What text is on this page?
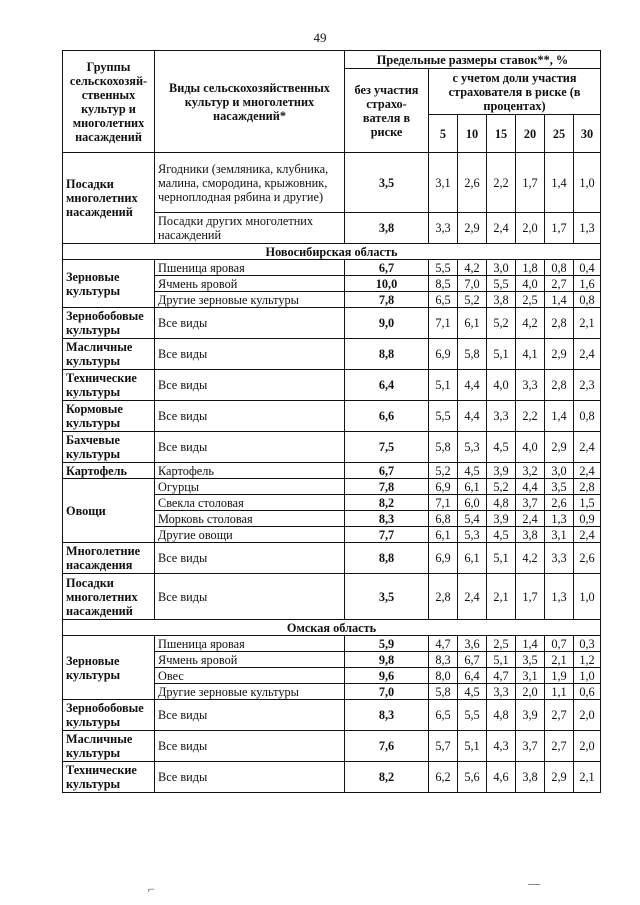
49
Группы сельскохозяй-ственных культур и многолетних насаждений	Виды сельскохозяйственных культур и многолетних насаждений*	Предельные размеры ставок**, %						
		без участия страхо-вателя в риске	с учетом доли участия страхователя в риске (в процентах)					
			5	10	15	20	25	30
Посадки многолетних насаждений	Ягодники (земляника, клубника, малина, смородина, крыжовник, черноплодная рябина и другие)	3,5	3,1	2,6	2,2	1,7	1,4	1,0
	Посадки других многолетних насаждений	3,8	3,3	2,9	2,4	2,0	1,7	1,3
Новосибирская область								
Зерновые культуры	Пшеница яровая	6,7	5,5	4,2	3,0	1,8	0,8	0,4
	Ячмень яровой	10,0	8,5	7,0	5,5	4,0	2,7	1,6
	Другие зерновые культуры	7,8	6,5	5,2	3,8	2,5	1,4	0,8
Зернобобовые культуры	Все виды	9,0	7,1	6,1	5,2	4,2	2,8	2,1
Масличные культуры	Все виды	8,8	6,9	5,8	5,1	4,1	2,9	2,4
Технические культуры	Все виды	6,4	5,1	4,4	4,0	3,3	2,8	2,3
Кормовые культуры	Все виды	6,6	5,5	4,4	3,3	2,2	1,4	0,8
Бахчевые культуры	Все виды	7,5	5,8	5,3	4,5	4,0	2,9	2,4
Картофель	Картофель	6,7	5,2	4,5	3,9	3,2	3,0	2,4
Овощи	Огурцы	7,8	6,9	6,1	5,2	4,4	3,5	2,8
	Свекла столовая	8,2	7,1	6,0	4,8	3,7	2,6	1,5
	Морковь столовая	8,3	6,8	5,4	3,9	2,4	1,3	0,9
	Другие овощи	7,7	6,1	5,3	4,5	3,8	3,1	2,4
Многолетние насаждения	Все виды	8,8	6,9	6,1	5,1	4,2	3,3	2,6
Посадки многолетних насаждений	Все виды	3,5	2,8	2,4	2,1	1,7	1,3	1,0
Омская область								
Зерновые культуры	Пшеница яровая	5,9	4,7	3,6	2,5	1,4	0,7	0,3
	Ячмень яровой	9,8	8,3	6,7	5,1	3,5	2,1	1,2
	Овес	9,6	8,0	6,4	4,7	3,1	1,9	1,0
	Другие зерновые культуры	7,0	5,8	4,5	3,3	2,0	1,1	0,6
Зернобобовые культуры	Все виды	8,3	6,5	5,5	4,8	3,9	2,7	2,0
Масличные культуры	Все виды	7,6	5,7	5,1	4,3	3,7	2,7	2,0
Технические культуры	Все виды	8,2	6,2	5,6	4,6	3,8	2,9	2,1
⌐	—
